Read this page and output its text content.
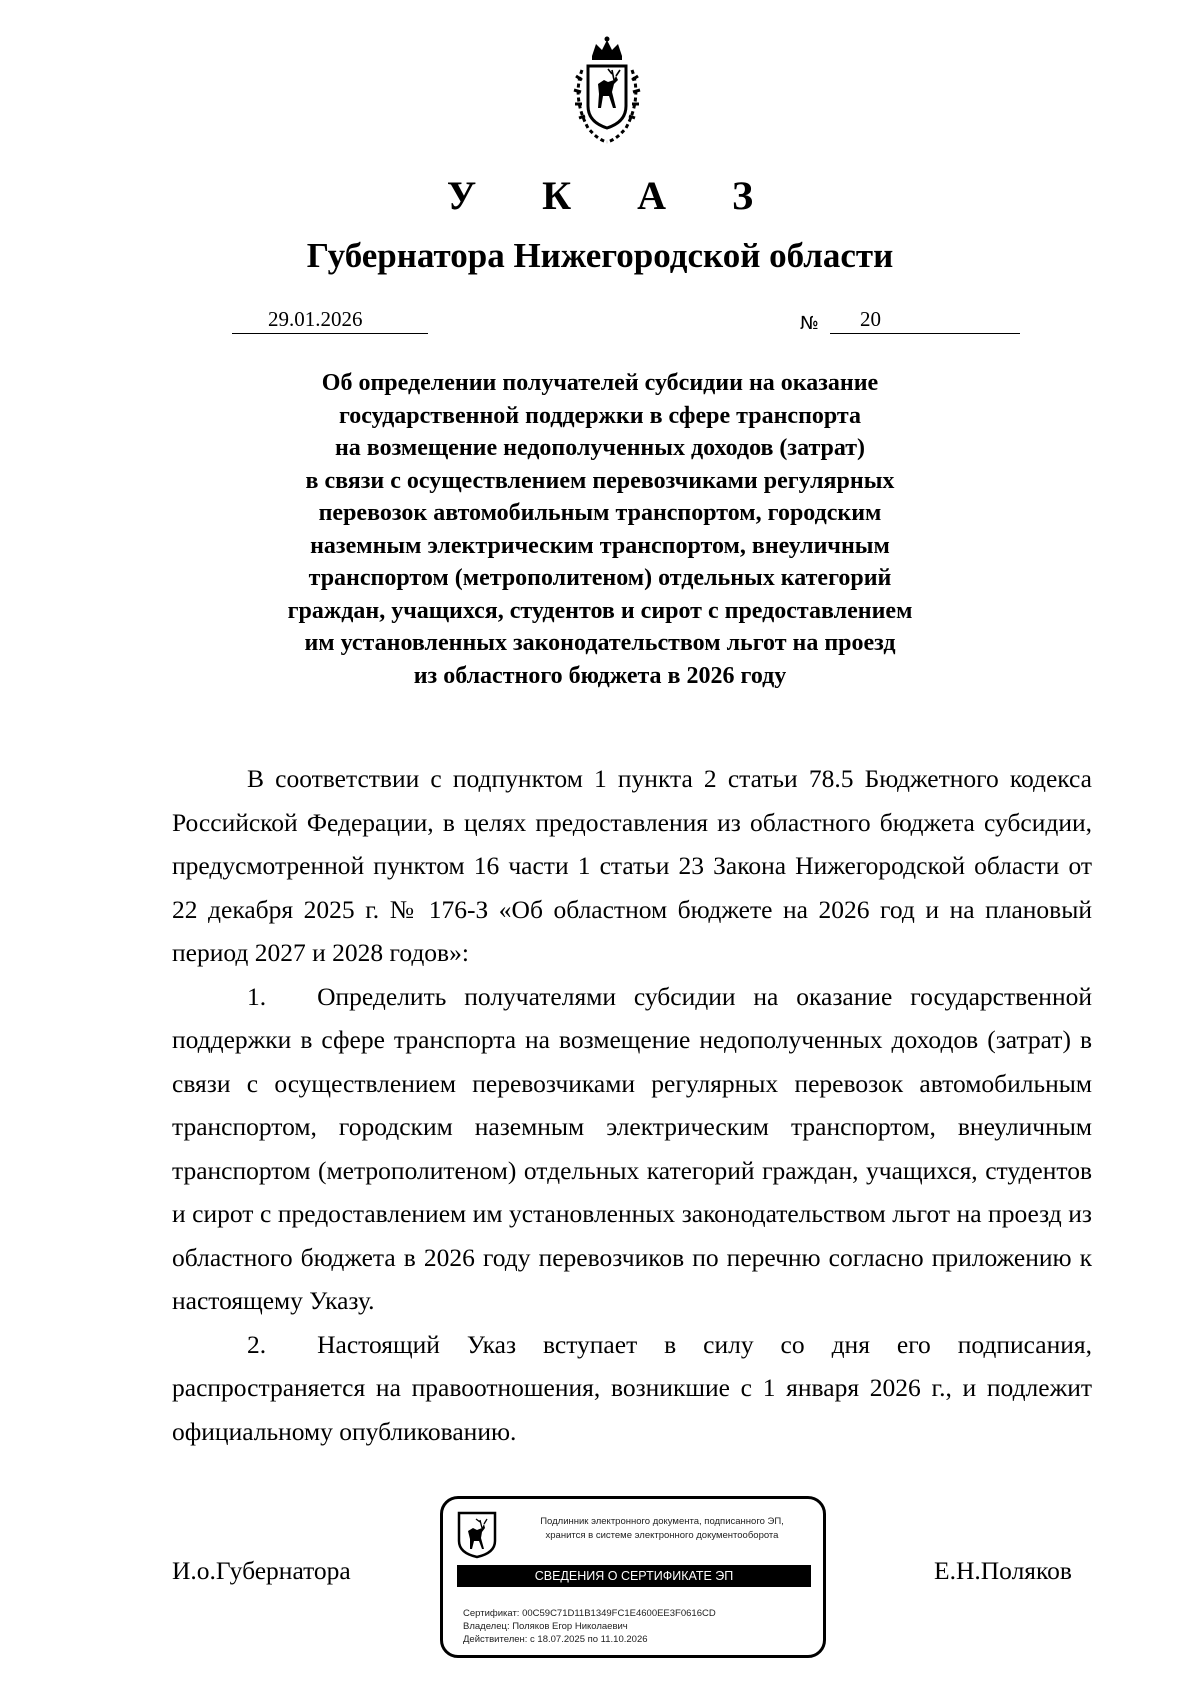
У К А З
Губернатора Нижегородской области
29.01.2026	№	20
Об определении получателей субсидии на оказание
государственной поддержки в сфере транспорта
на возмещение недополученных доходов (затрат)
в связи с осуществлением перевозчиками регулярных
перевозок автомобильным транспортом, городским
наземным электрическим транспортом, внеуличным
транспортом (метрополитеном) отдельных категорий
граждан, учащихся, студентов и сирот с предоставлением
им установленных законодательством льгот на проезд
из областного бюджета в 2026 году

В соответствии с подпунктом 1 пункта 2 статьи 78.5 Бюджетного кодекса Российской Федерации, в целях предоставления из областного бюджета субсидии, предусмотренной пунктом 16 части 1 статьи 23 Закона Нижегородской области от 22 декабря 2025 г. № 176-З «Об областном бюджете на 2026 год и на плановый период 2027 и 2028 годов»:

1.  Определить получателями субсидии на оказание государственной поддержки в сфере транспорта на возмещение недополученных доходов (затрат) в связи с осуществлением перевозчиками регулярных перевозок автомобильным транспортом, городским наземным электрическим транспортом, внеуличным транспортом (метрополитеном) отдельных категорий граждан, учащихся, студентов и сирот с предоставлением им установленных законодательством льгот на проезд из областного бюджета в 2026 году перевозчиков по перечню согласно приложению к настоящему Указу.

2.  Настоящий Указ вступает в силу со дня его подписания, распространяется на правоотношения, возникшие с 1 января 2026 г., и подлежит официальному опубликованию.

И.о.Губернатора	Е.Н.Поляков
Подлинник электронного документа, подписанного ЭП,
хранится в системе электронного документооборота
СВЕДЕНИЯ О СЕРТИФИКАТЕ ЭП
Сертификат: 00C59C71D11B1349FC1E4600EE3F0616CD
Владелец: Поляков Егор Николаевич
Действителен: с 18.07.2025 по 11.10.2026
